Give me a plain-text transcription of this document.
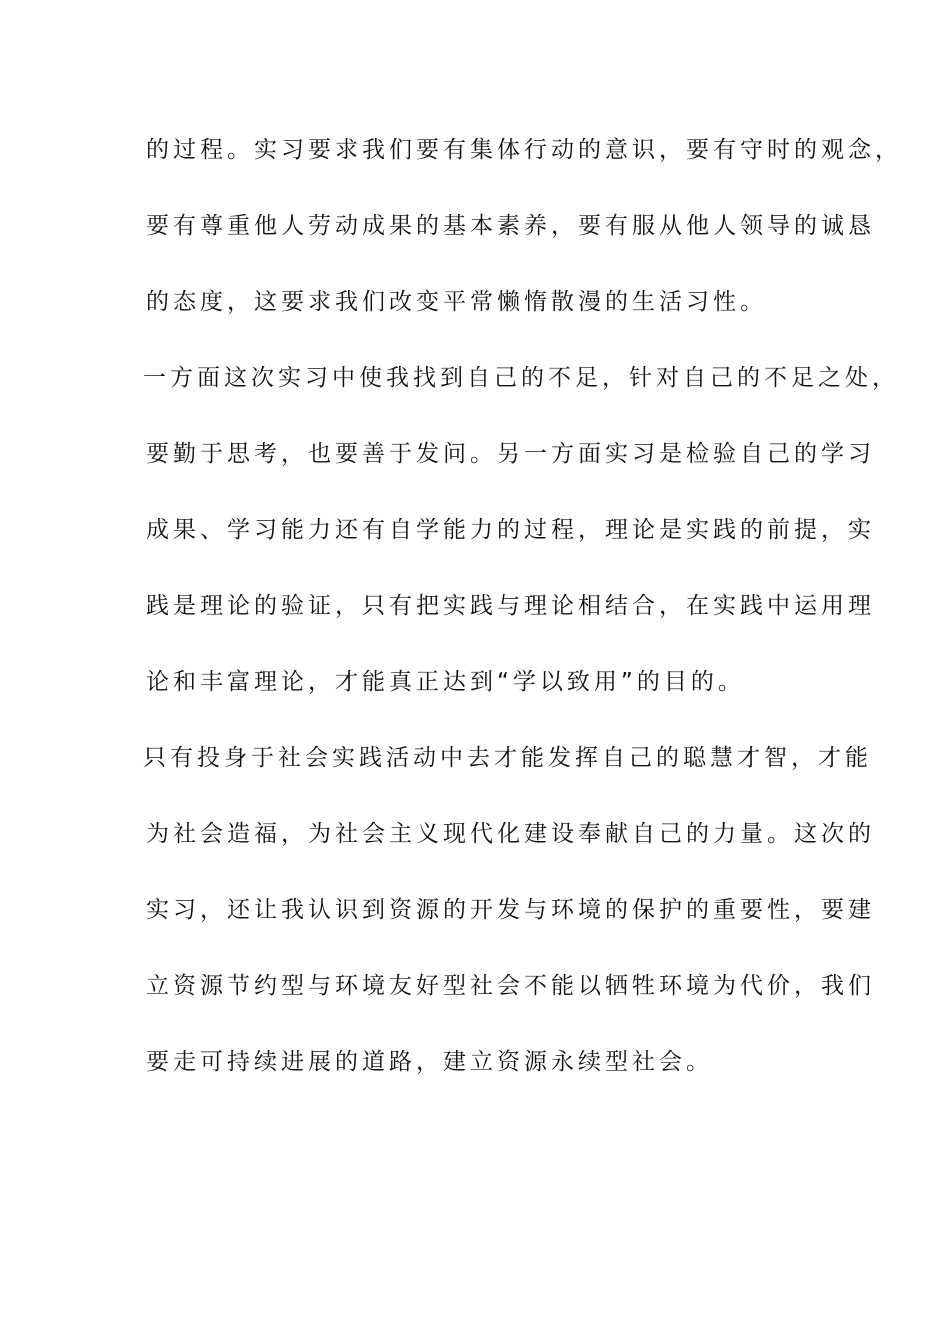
的过程。实习要求我们要有集体行动的意识，要有守时的观念，
要有尊重他人劳动成果的基本素养，要有服从他人领导的诚恳
的态度，这要求我们改变平常懒惰散漫的生活习性。
一方面这次实习中使我找到自己的不足，针对自己的不足之处，
要勤于思考，也要善于发问。另一方面实习是检验自己的学习
成果、学习能力还有自学能力的过程，理论是实践的前提，实
践是理论的验证，只有把实践与理论相结合，在实践中运用理
论和丰富理论，才能真正达到“学以致用”的目的。
只有投身于社会实践活动中去才能发挥自己的聪慧才智，才能
为社会造福，为社会主义现代化建设奉献自己的力量。这次的
实习，还让我认识到资源的开发与环境的保护的重要性，要建
立资源节约型与环境友好型社会不能以牺牲环境为代价，我们
要走可持续进展的道路，建立资源永续型社会。
